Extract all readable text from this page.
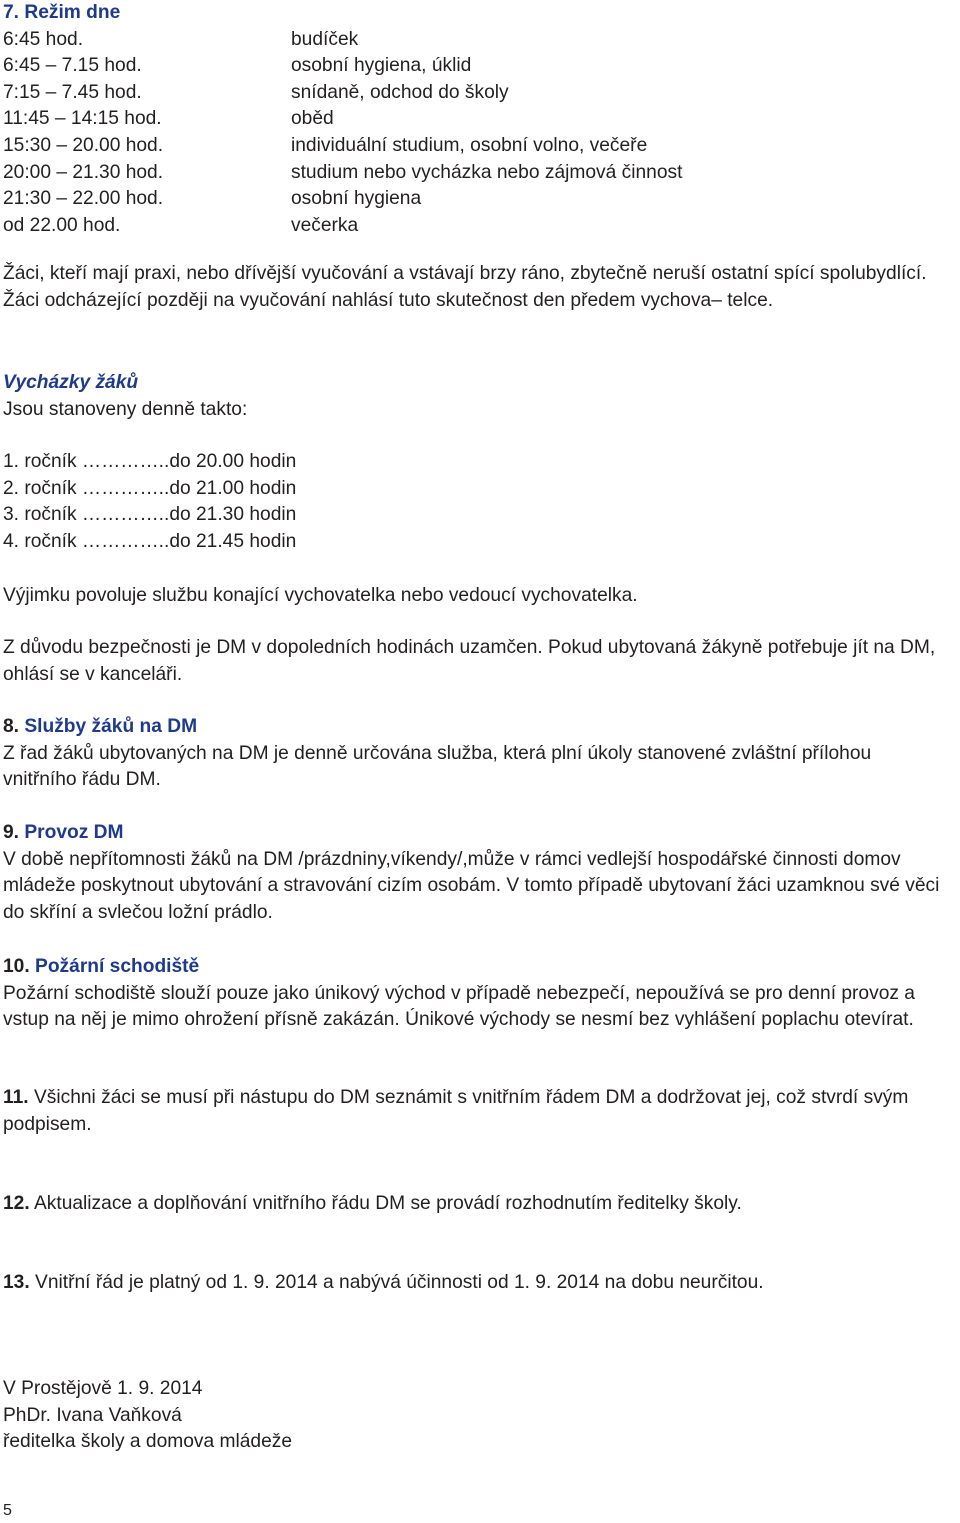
7. Režim dne
6:45 hod.	budíček
6:45 – 7.15 hod.	osobní hygiena, úklid
7:15 – 7.45 hod.	snídaně, odchod do školy
11:45 – 14:15 hod.	oběd
15:30 – 20.00 hod.	individuální studium, osobní volno, večeře
20:00 – 21.30 hod.	studium nebo vycházka nebo zájmová činnost
21:30 – 22.00 hod.	osobní hygiena
od 22.00 hod.	večerka

Žáci, kteří mají praxi, nebo dřívější vyučování a vstávají brzy ráno, zbytečně neruší ostatní spící spolubydlící. Žáci odcházející později na vyučování nahlásí tuto skutečnost den předem vychova– telce.

Vycházky žáků
Jsou stanoveny denně takto:
1. ročník …………..do 20.00 hodin
2. ročník …………..do 21.00 hodin
3. ročník …………..do 21.30 hodin
4. ročník …………..do 21.45 hodin

Výjimku povoluje službu konající vychovatelka nebo vedoucí vychovatelka.

Z důvodu bezpečnosti je DM v dopoledních hodinách uzamčen. Pokud ubytovaná žákyně potřebuje jít na DM, ohlásí se v kanceláři.

8. Služby žáků na DM

Z řad žáků ubytovaných na DM je denně určována služba, která plní úkoly stanovené zvláštní přílohou vnitřního řádu DM.

9. Provoz DM

V době nepřítomnosti žáků na DM /prázdniny,víkendy/,může v rámci vedlejší hospodářské činnosti domov mládeže poskytnout ubytování a stravování cizím osobám. V tomto případě ubytovaní žáci uzamknou své věci do skříní a svlečou ložní prádlo.

10. Požární schodiště

Požární schodiště slouží pouze jako únikový východ v případě nebezpečí, nepoužívá se pro denní provoz a vstup na něj je mimo ohrožení přísně zakázán. Únikové východy se nesmí bez vyhlášení poplachu otevírat.

11. Všichni žáci se musí při nástupu do DM seznámit s vnitřním řádem DM a dodržovat jej, což stvrdí svým podpisem.

12. Aktualizace a doplňování vnitřního řádu DM se provádí rozhodnutím ředitelky školy.

13. Vnitřní řád je platný od 1. 9. 2014 a nabývá účinnosti od 1. 9. 2014 na dobu neurčitou.

V Prostějově 1. 9. 2014
PhDr. Ivana Vaňková
ředitelka školy a domova mládeže
5
